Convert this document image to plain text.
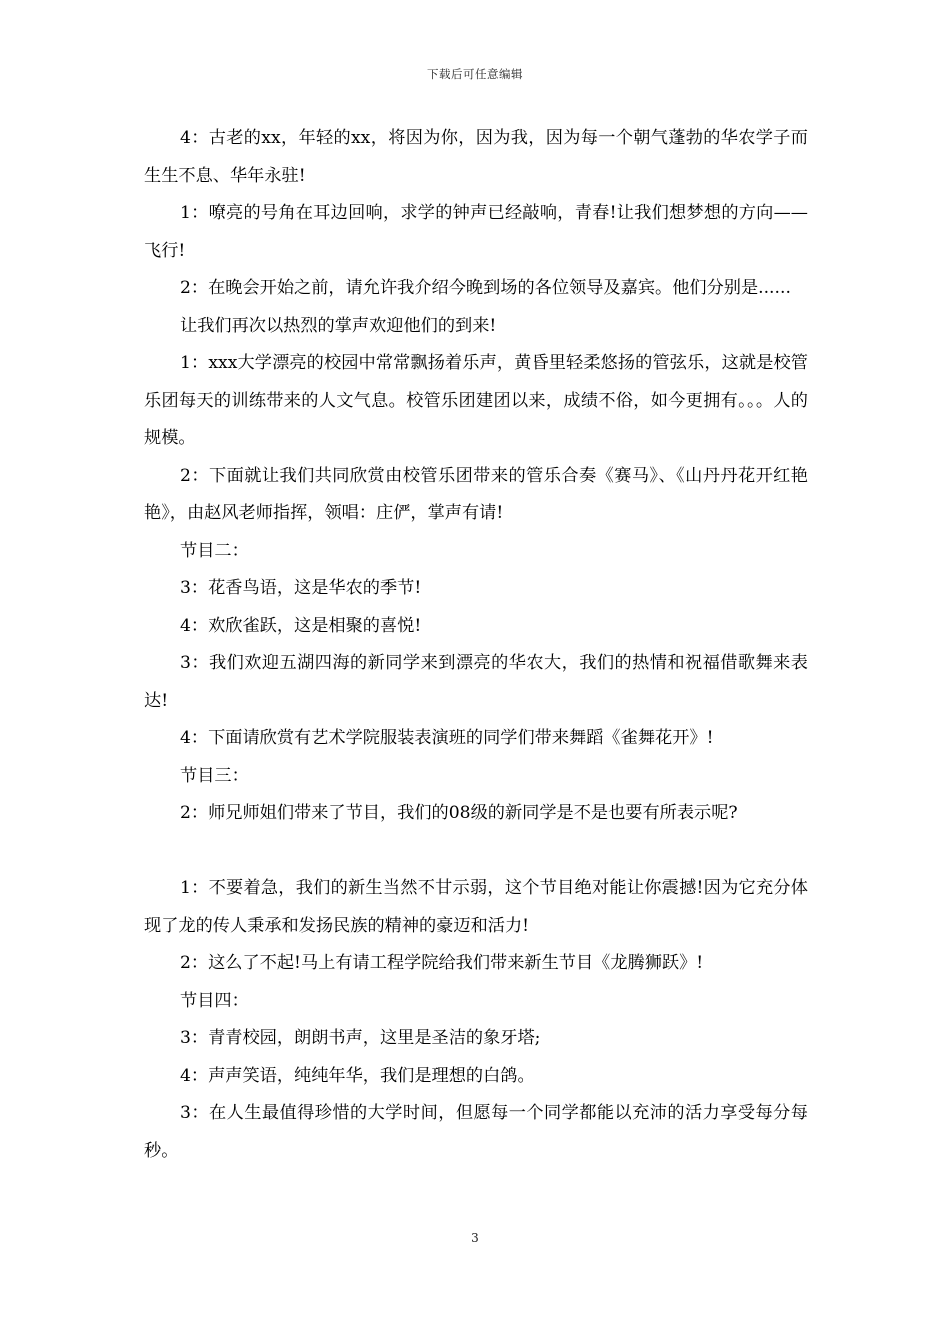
下载后可任意编辑

4：古老的xx，年轻的xx，将因为你，因为我，因为每一个朝气蓬勃的华农学子而生生不息、华年永驻!

1：嘹亮的号角在耳边回响，求学的钟声已经敲响，青春!让我们想梦想的方向——飞行!

2：在晚会开始之前，请允许我介绍今晚到场的各位领导及嘉宾。他们分别是......

让我们再次以热烈的掌声欢迎他们的到来!

1：xxx大学漂亮的校园中常常飘扬着乐声，黄昏里轻柔悠扬的管弦乐，这就是校管乐团每天的训练带来的人文气息。校管乐团建团以来，成绩不俗，如今更拥有。。。人的规模。

2：下面就让我们共同欣赏由校管乐团带来的管乐合奏《赛马》、《山丹丹花开红艳艳》，由赵风老师指挥，领唱：庄俨，掌声有请!

节目二：

3：花香鸟语，这是华农的季节!

4：欢欣雀跃，这是相聚的喜悦!

3：我们欢迎五湖四海的新同学来到漂亮的华农大，我们的热情和祝福借歌舞来表达!

4：下面请欣赏有艺术学院服装表演班的同学们带来舞蹈《雀舞花开》!

节目三：

2：师兄师姐们带来了节目，我们的08级的新同学是不是也要有所表示呢?

1：不要着急，我们的新生当然不甘示弱，这个节目绝对能让你震撼!因为它充分体现了龙的传人秉承和发扬民族的精神的豪迈和活力!

2：这么了不起!马上有请工程学院给我们带来新生节目《龙腾狮跃》!

节目四：

3：青青校园，朗朗书声，这里是圣洁的象牙塔;

4：声声笑语，纯纯年华，我们是理想的白鸽。

3：在人生最值得珍惜的大学时间，但愿每一个同学都能以充沛的活力享受每分每秒。

3
